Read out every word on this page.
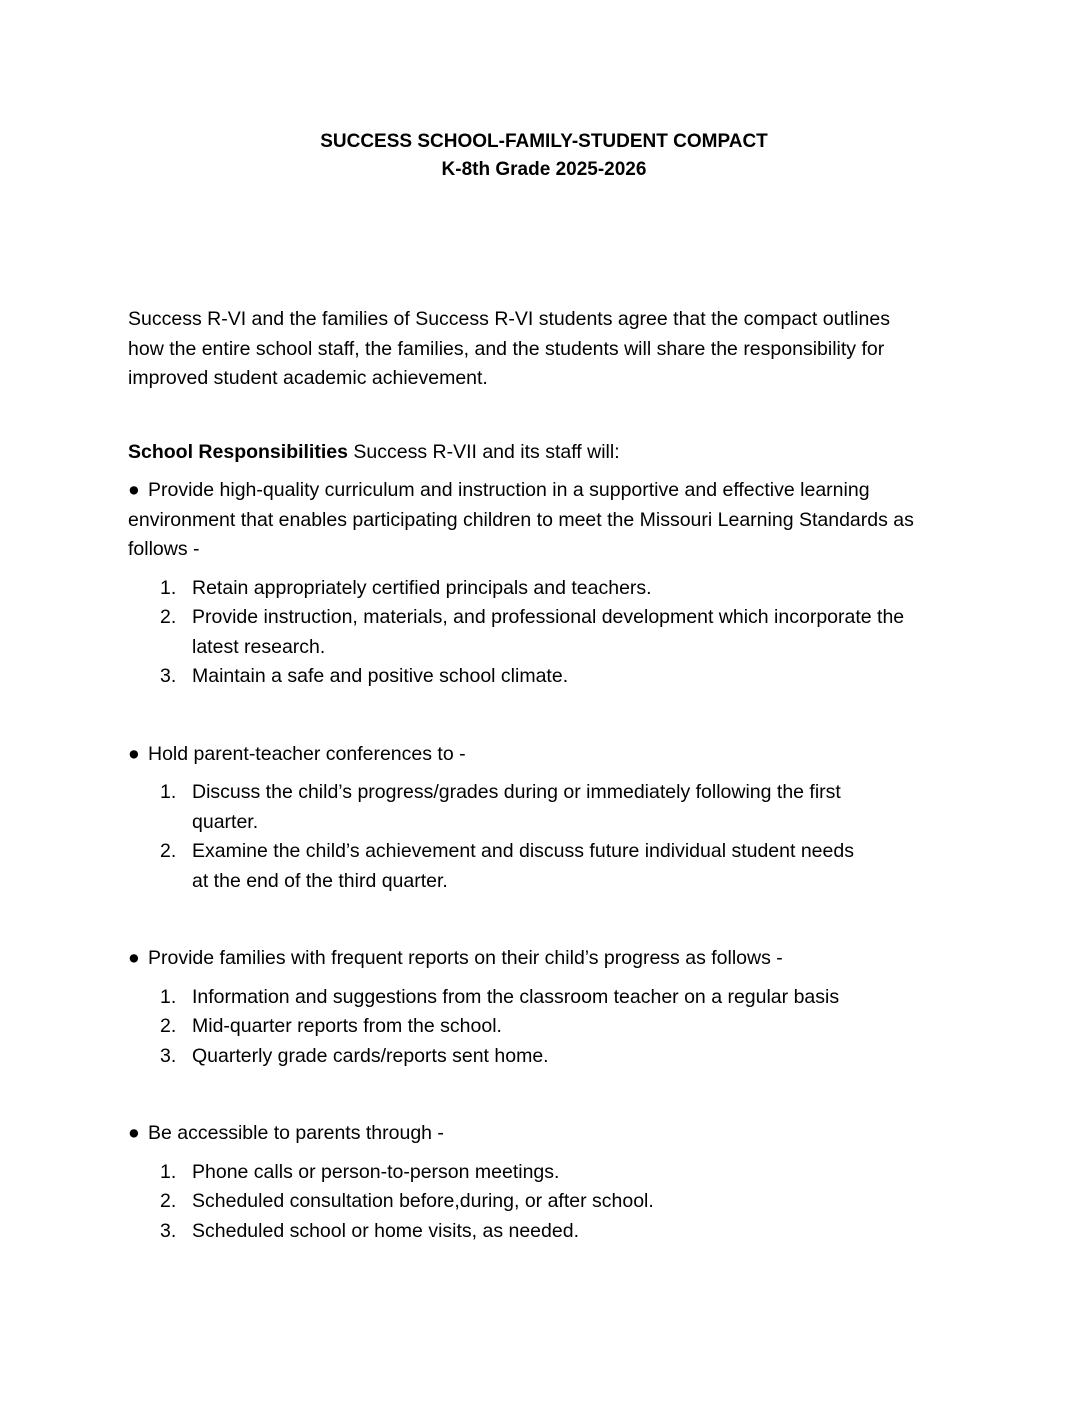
SUCCESS SCHOOL-FAMILY-STUDENT COMPACT
K-8th Grade 2025-2026

Success R-VI and the families of Success R-VI students agree that the compact outlines how the entire school staff, the families, and the students will share the responsibility for improved student academic achievement.

School Responsibilities Success R-VII and its staff will:

● Provide high-quality curriculum and instruction in a supportive and effective learning environment that enables participating children to meet the Missouri Learning Standards as follows -

1. Retain appropriately certified principals and teachers.
2. Provide instruction, materials, and professional development which incorporate the latest research.
3. Maintain a safe and positive school climate.

● Hold parent-teacher conferences to -

1. Discuss the child’s progress/grades during or immediately following the first quarter.
2. Examine the child’s achievement and discuss future individual student needs at the end of the third quarter.

● Provide families with frequent reports on their child’s progress as follows -

1. Information and suggestions from the classroom teacher on a regular basis
2. Mid-quarter reports from the school.
3. Quarterly grade cards/reports sent home.

● Be accessible to parents through -

1. Phone calls or person-to-person meetings.
2. Scheduled consultation before,during, or after school.
3. Scheduled school or home visits, as needed.
